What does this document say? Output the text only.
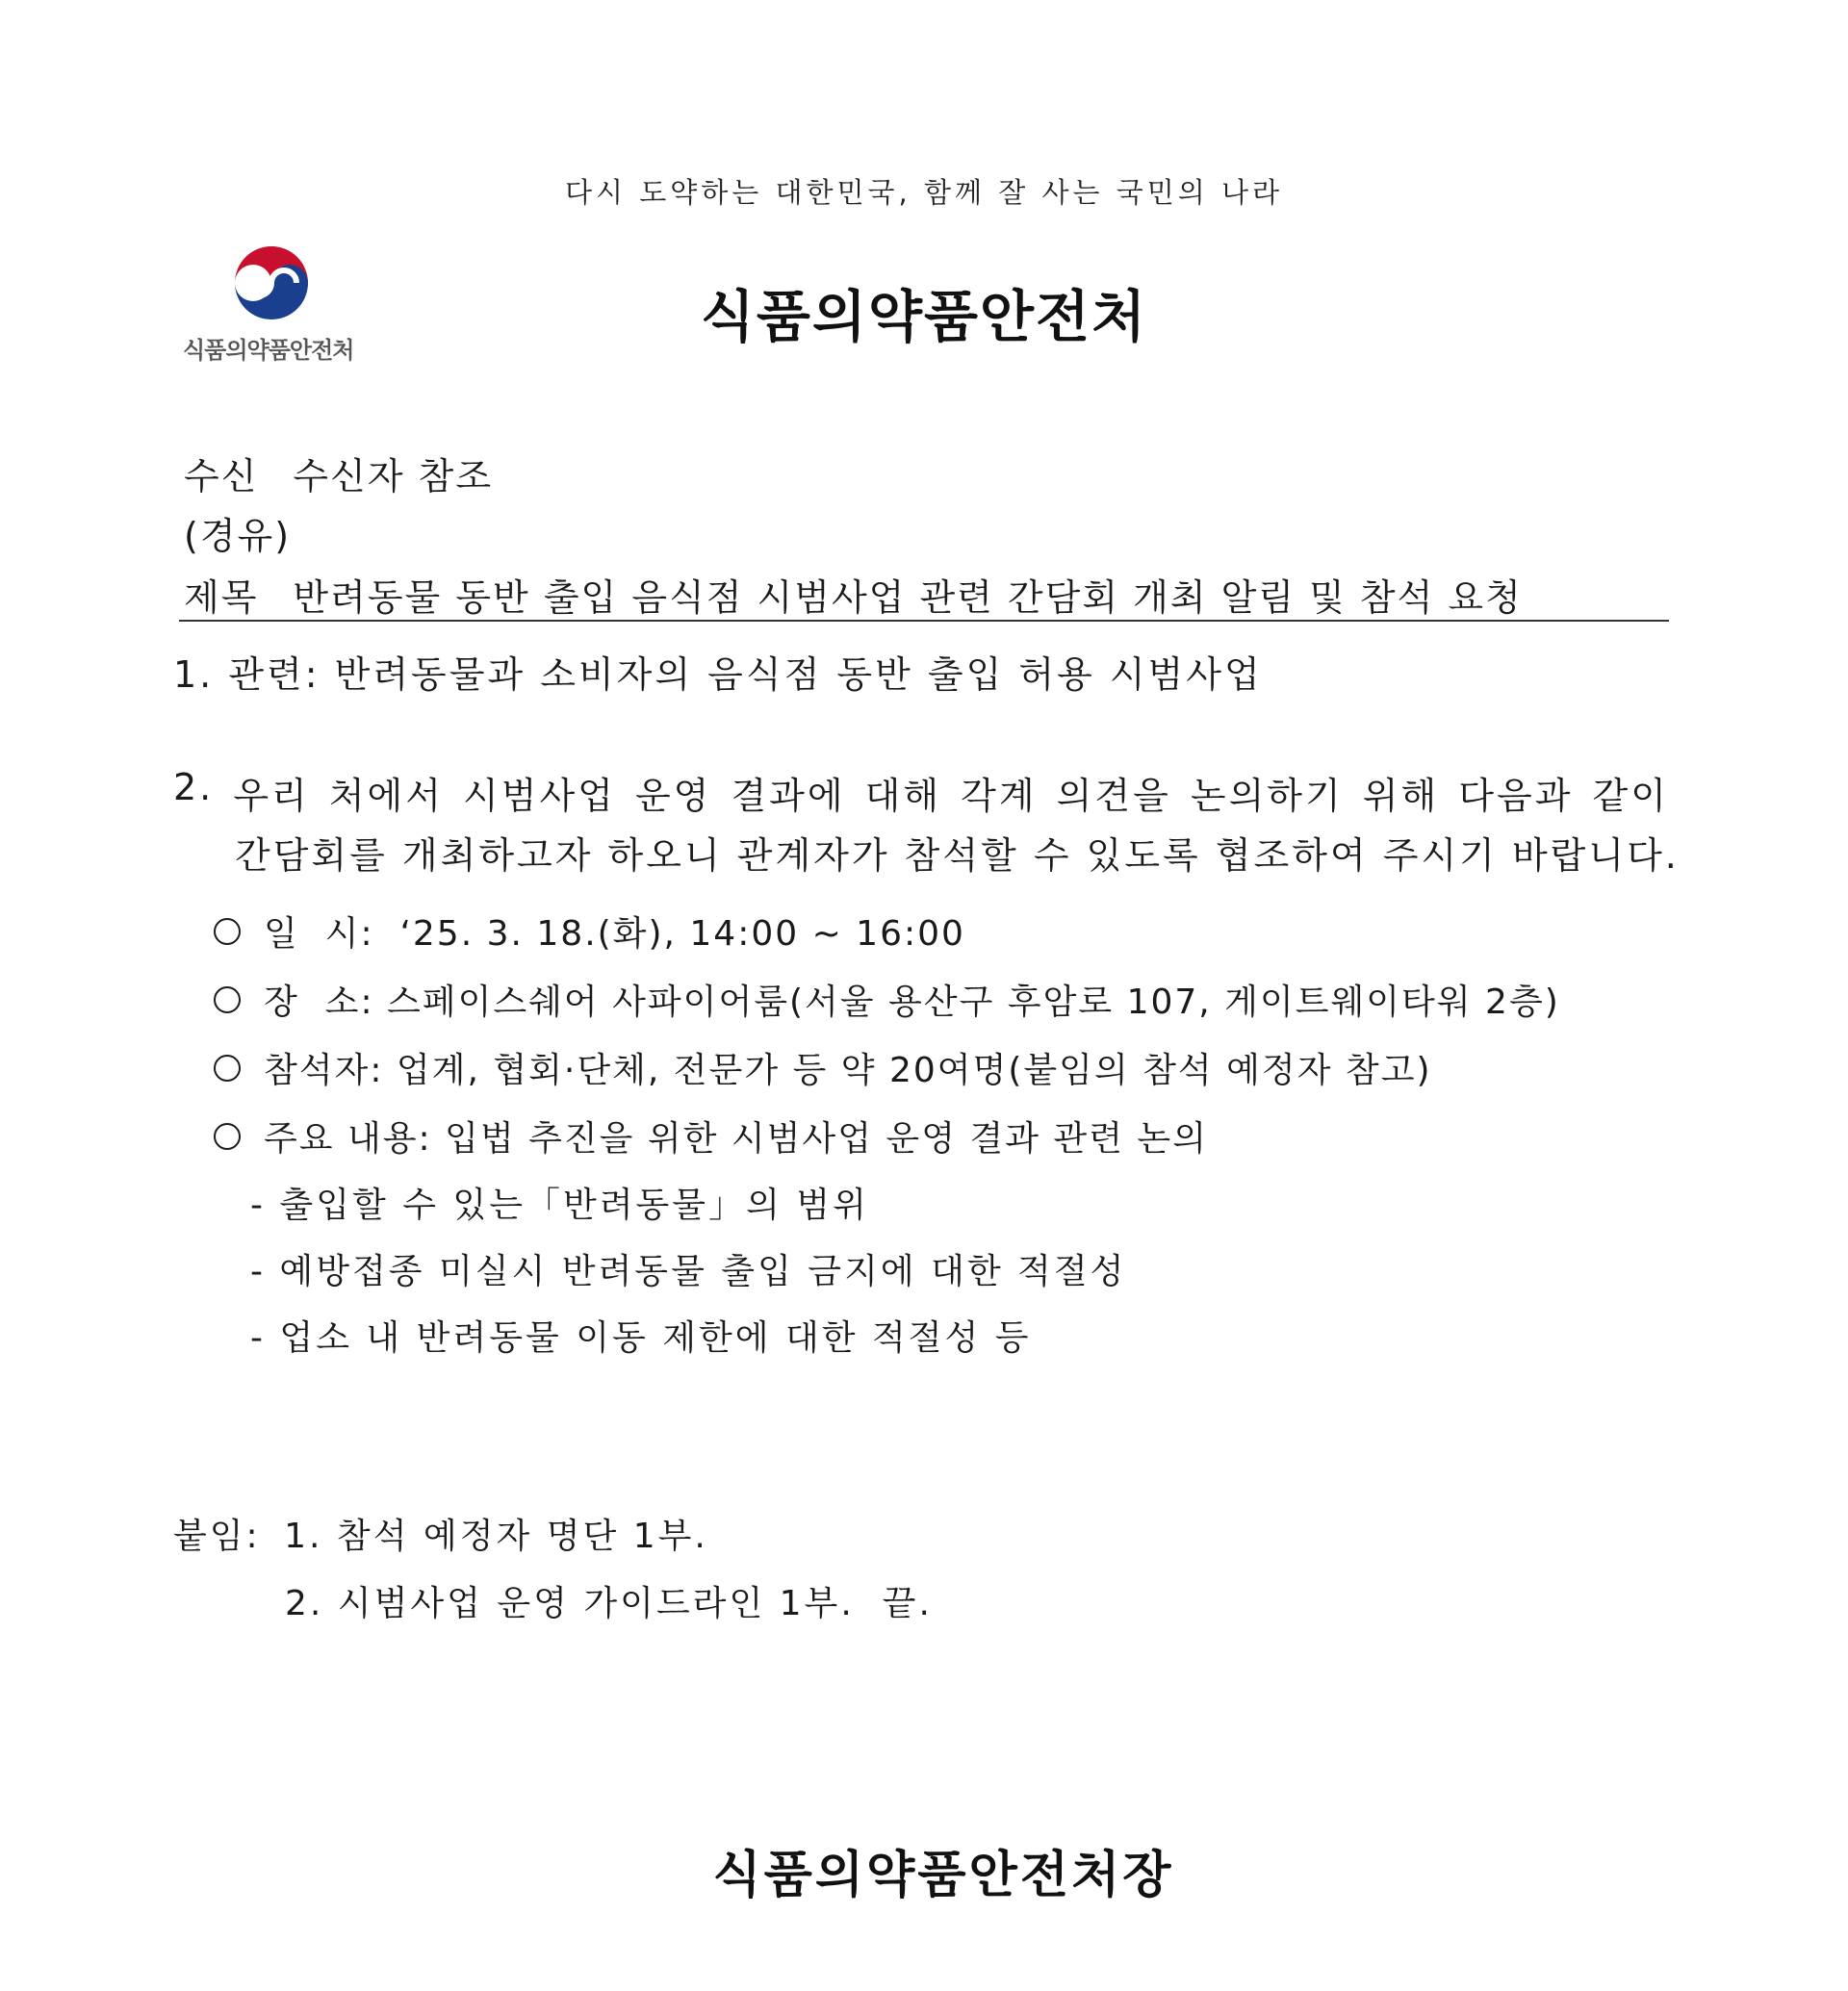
다시 도약하는 대한민국, 함께 잘 사는 국민의 나라
식품의약품안전처
식품의약품안전처
수신 수신자 참조
(경유)
제목 반려동물 동반 출입 음식점 시범사업 관련 간담회 개최 알림 및 참석 요청
1. 관련: 반려동물과 소비자의 음식점 동반 출입 허용 시범사업
2. 우리 처에서 시범사업 운영 결과에 대해 각계 의견을 논의하기 위해 다음과 같이
간담회를 개최하고자 하오니 관계자가 참석할 수 있도록 협조하여 주시기 바랍니다.
일  시:  ‘25. 3. 18.(화), 14:00 ~ 16:00
장  소: 스페이스쉐어 사파이어룸(서울 용산구 후암로 107, 게이트웨이타워 2층)
참석자: 업계, 협회·단체, 전문가 등 약 20여명(붙임의 참석 예정자 참고)
주요 내용: 입법 추진을 위한 시범사업 운영 결과 관련 논의
- 출입할 수 있는「반려동물」의 범위
- 예방접종 미실시 반려동물 출입 금지에 대한 적절성
- 업소 내 반려동물 이동 제한에 대한 적절성 등
붙임: 1. 참석 예정자 명단 1부.
2. 시범사업 운영 가이드라인 1부.  끝.
식품의약품안전처장
